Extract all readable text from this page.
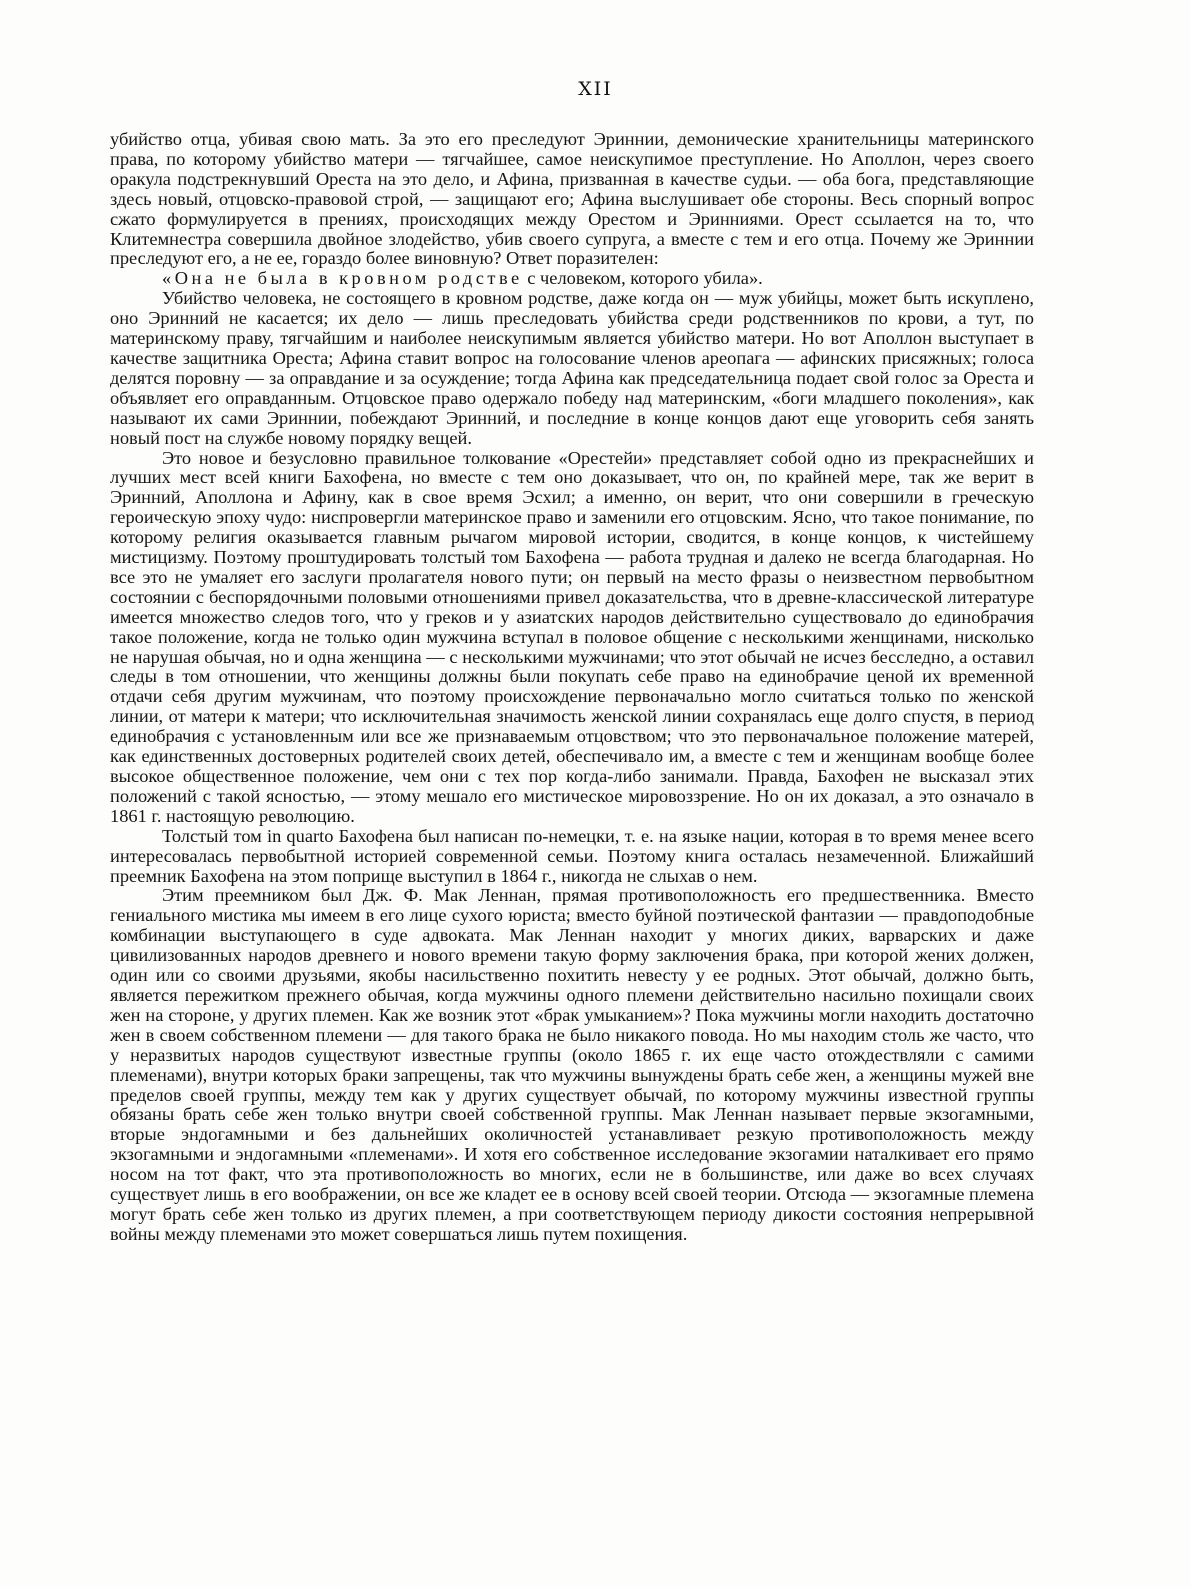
XII

убийство отца, убивая свою мать. За это его преследуют Эриннии, демонические хранительницы материнского права, по которому убийство матери — тягчайшее, самое неискупимое преступление. Но Аполлон, через своего оракула подстрекнувший Ореста на это дело, и Афина, призванная в качестве судьи. — оба бога, представляющие здесь новый, отцовско-правовой строй, — защищают его; Афина выслушивает обе стороны. Весь спорный вопрос сжато формулируется в прениях, происходящих между Орестом и Эринниями. Орест ссылается на то, что Клитемнестра совершила двойное злодейство, убив своего супруга, а вместе с тем и его отца. Почему же Эриннии преследуют его, а не ее, гораздо более виновную? Ответ поразителен:

«Она не была в кровном родстве с человеком, которого убила».

Убийство человека, не состоящего в кровном родстве, даже когда он — муж убийцы, может быть искуплено, оно Эринний не касается; их дело — лишь преследовать убийства среди родственников по крови, а тут, по материнскому праву, тягчайшим и наиболее неискупимым является убийство матери. Но вот Аполлон выступает в качестве защитника Ореста; Афина ставит вопрос на голосование членов ареопага — афинских присяжных; голоса делятся поровну — за оправдание и за осуждение; тогда Афина как председательница подает свой голос за Ореста и объявляет его оправданным. Отцовское право одержало победу над материнским, «боги младшего поколения», как называют их сами Эриннии, побеждают Эринний, и последние в конце концов дают еще уговорить себя занять новый пост на службе новому порядку вещей.

Это новое и безусловно правильное толкование «Орестейи» представляет собой одно из прекраснейших и лучших мест всей книги Бахофена, но вместе с тем оно доказывает, что он, по крайней мере, так же верит в Эринний, Аполлона и Афину, как в свое время Эсхил; а именно, он верит, что они совершили в греческую героическую эпоху чудо: ниспровергли материнское право и заменили его отцовским. Ясно, что такое понимание, по которому религия оказывается главным рычагом мировой истории, сводится, в конце концов, к чистейшему мистицизму. Поэтому проштудировать толстый том Бахофена — работа трудная и далеко не всегда благодарная. Но все это не умаляет его заслуги пролагателя нового пути; он первый на место фразы о неизвестном первобытном состоянии с беспорядочными половыми отношениями привел доказательства, что в древне-классической литературе имеется множество следов того, что у греков и у азиатских народов действительно существовало до единобрачия такое положение, когда не только один мужчина вступал в половое общение с несколькими женщинами, нисколько не нарушая обычая, но и одна женщина — с несколькими мужчинами; что этот обычай не исчез бесследно, а оставил следы в том отношении, что женщины должны были покупать себе право на единобрачие ценой их временной отдачи себя другим мужчинам, что поэтому происхождение первоначально могло считаться только по женской линии, от матери к матери; что исключительная значимость женской линии сохранялась еще долго спустя, в период единобрачия с установленным или все же признаваемым отцовством; что это первоначальное положение матерей, как единственных достоверных родителей своих детей, обеспечивало им, а вместе с тем и женщинам вообще более высокое общественное положение, чем они с тех пор когда-либо занимали. Правда, Бахофен не высказал этих положений с такой ясностью, — этому мешало его мистическое мировоззрение. Но он их доказал, а это означало в 1861 г. настоящую революцию.

Толстый том in quarto Бахофена был написан по-немецки, т. е. на языке нации, которая в то время менее всего интересовалась первобытной историей современной семьи. Поэтому книга осталась незамеченной. Ближайший преемник Бахофена на этом поприще выступил в 1864 г., никогда не слыхав о нем.

Этим преемником был Дж. Ф. Мак Леннан, прямая противоположность его предшественника. Вместо гениального мистика мы имеем в его лице сухого юриста; вместо буйной поэтической фантазии — правдоподобные комбинации выступающего в суде адвоката. Мак Леннан находит у многих диких, варварских и даже цивилизованных народов древнего и нового времени такую форму заключения брака, при которой жених должен, один или со своими друзьями, якобы насильственно похитить невесту у ее родных. Этот обычай, должно быть, является пережитком прежнего обычая, когда мужчины одного племени действительно насильно похищали своих жен на стороне, у других племен. Как же возник этот «брак умыканием»? Пока мужчины могли находить достаточно жен в своем собственном племени — для такого брака не было никакого повода. Но мы находим столь же часто, что у неразвитых народов существуют известные группы (около 1865 г. их еще часто отождествляли с самими племенами), внутри которых браки запрещены, так что мужчины вынуждены брать себе жен, а женщины мужей вне пределов своей группы, между тем как у других существует обычай, по которому мужчины известной группы обязаны брать себе жен только внутри своей собственной группы. Мак Леннан называет первые экзогамными, вторые эндогамными и без дальнейших околичностей устанавливает резкую противоположность между экзогамными и эндогамными «племенами». И хотя его собственное исследование экзогамии наталкивает его прямо носом на тот факт, что эта противоположность во многих, если не в большинстве, или даже во всех случаях существует лишь в его воображении, он все же кладет ее в основу всей своей теории. Отсюда — экзогамные племена могут брать себе жен только из других племен, а при соответствующем периоду дикости состояния непрерывной войны между племенами это может совершаться лишь путем похищения.
